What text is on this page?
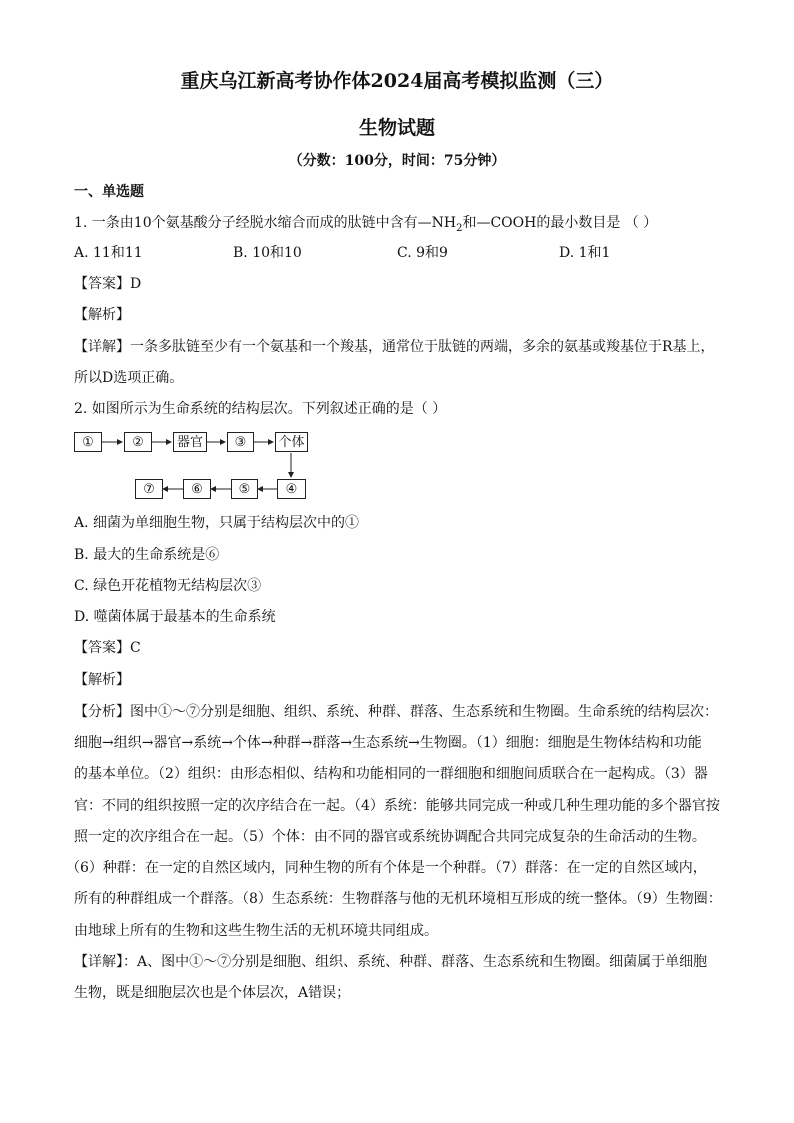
重庆乌江新高考协作体2024届高考模拟监测（三）
生物试题
（分数：100分，时间：75分钟）
一、单选题
1. 一条由10个氨基酸分子经脱水缩合而成的肽链中含有$—NH_2$和—COOH的最小数目是 （ ）
A. 11和11	B. 10和10	C. 9和9	D. 1和1
【答案】D
【解析】
【详解】一条多肽链至少有一个氨基和一个羧基，通常位于肽链的两端，多余的氨基或羧基位于R基上，
所以D选项正确。
2. 如图所示为生命系统的结构层次。下列叙述正确的是（ ）
①	②	器官	③	个体
⑦	⑥	⑤	④
A. 细菌为单细胞生物，只属于结构层次中的①
B. 最大的生命系统是⑥
C. 绿色开花植物无结构层次③
D. 噬菌体属于最基本的生命系统
【答案】C
【解析】
【分析】图中①～⑦分别是细胞、组织、系统、种群、群落、生态系统和生物圈。生命系统的结构层次：
细胞→组织→器官→系统→个体→种群→群落→生态系统→生物圈。（1）细胞：细胞是生物体结构和功能
的基本单位。（2）组织：由形态相似、结构和功能相同的一群细胞和细胞间质联合在一起构成。（3）器
官：不同的组织按照一定的次序结合在一起。（4）系统：能够共同完成一种或几种生理功能的多个器官按
照一定的次序组合在一起。（5）个体：由不同的器官或系统协调配合共同完成复杂的生命活动的生物。
（6）种群：在一定的自然区域内，同种生物的所有个体是一个种群。（7）群落：在一定的自然区域内，
所有的种群组成一个群落。（8）生态系统：生物群落与他的无机环境相互形成的统一整体。（9）生物圈：
由地球上所有的生物和这些生物生活的无机环境共同组成。
【详解】：A、图中①～⑦分别是细胞、组织、系统、种群、群落、生态系统和生物圈。细菌属于单细胞
生物，既是细胞层次也是个体层次，A错误；
